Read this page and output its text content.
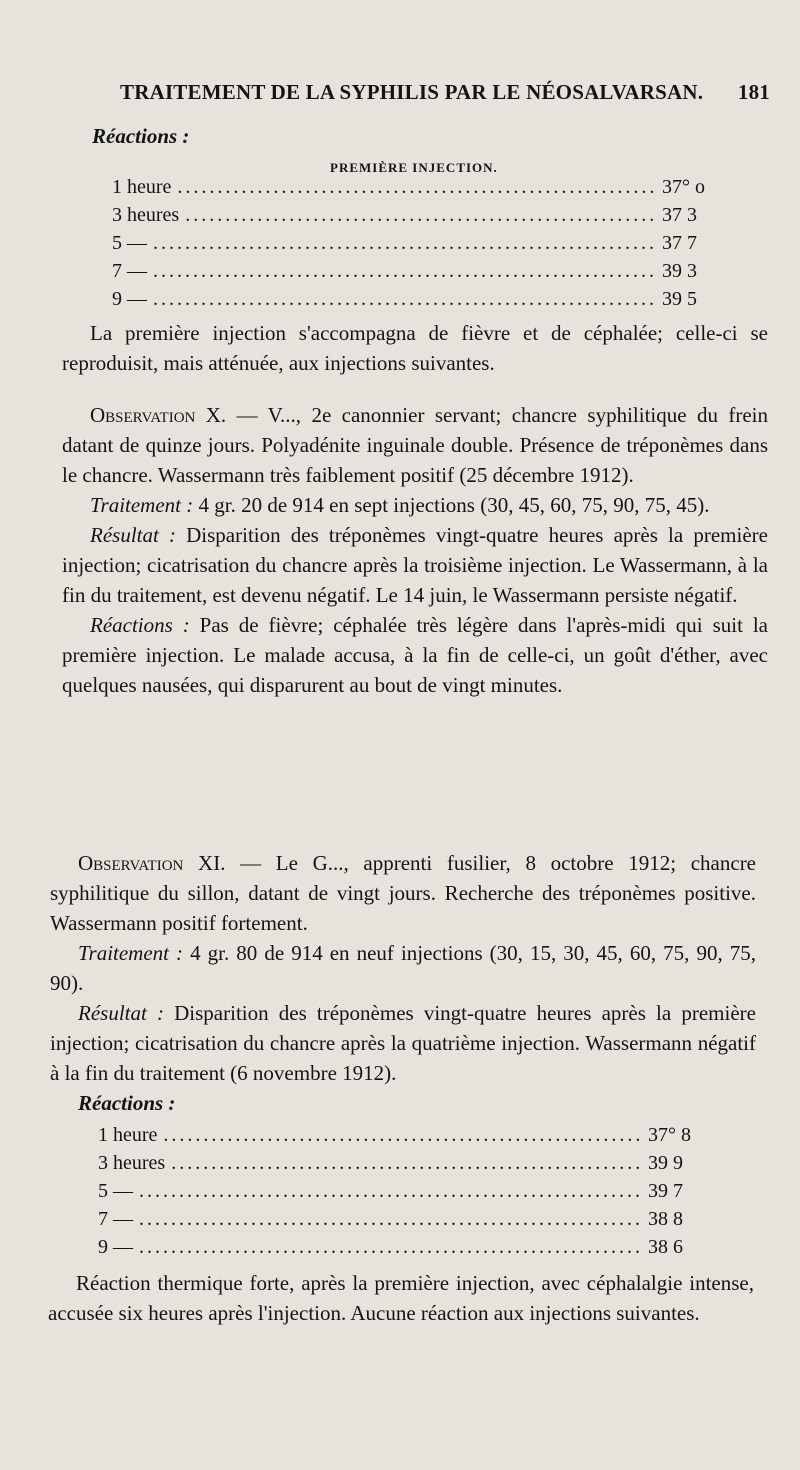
TRAITEMENT DE LA SYPHILIS PAR LE NÉOSALVARSAN. 181
Réactions :
PREMIÈRE INJECTION.
1 heure .....	37° o
3 heures .....	37 3
5 — .....	37 7
7 — .....	39 3
9 — .....	39 5

La première injection s'accompagna de fièvre et de céphalée; celle-ci se reproduisit, mais atténuée, aux injections suivantes.

Observation X. — V..., 2e canonnier servant; chancre syphilitique du frein datant de quinze jours. Polyadénite inguinale double. Présence de tréponèmes dans le chancre. Wassermann très faiblement positif (25 décembre 1912).

Traitement : 4 gr. 20 de 914 en sept injections (30, 45, 60, 75, 90, 75, 45).

Résultat : Disparition des tréponèmes vingt-quatre heures après la première injection; cicatrisation du chancre après la troisième injection. Le Wassermann, à la fin du traitement, est devenu négatif. Le 14 juin, le Wassermann persiste négatif.

Réactions : Pas de fièvre; céphalée très légère dans l'après-midi qui suit la première injection. Le malade accusa, à la fin de celle-ci, un goût d'éther, avec quelques nausées, qui disparurent au bout de vingt minutes.

Observation XI. — Le G..., apprenti fusilier, 8 octobre 1912; chancre syphilitique du sillon, datant de vingt jours. Recherche des tréponèmes positive. Wassermann positif fortement.

Traitement : 4 gr. 80 de 914 en neuf injections (30, 15, 30, 45, 60, 75, 90, 75, 90).

Résultat : Disparition des tréponèmes vingt-quatre heures après la première injection; cicatrisation du chancre après la quatrième injection. Wassermann négatif à la fin du traitement (6 novembre 1912).

Réactions :

1 heure .....	37° 8
3 heures .....	39 9
5 — .....	39 7
7 — .....	38 8
9 — .....	38 6

Réaction thermique forte, après la première injection, avec céphalalgie intense, accusée six heures après l'injection. Aucune réaction aux injections suivantes.
